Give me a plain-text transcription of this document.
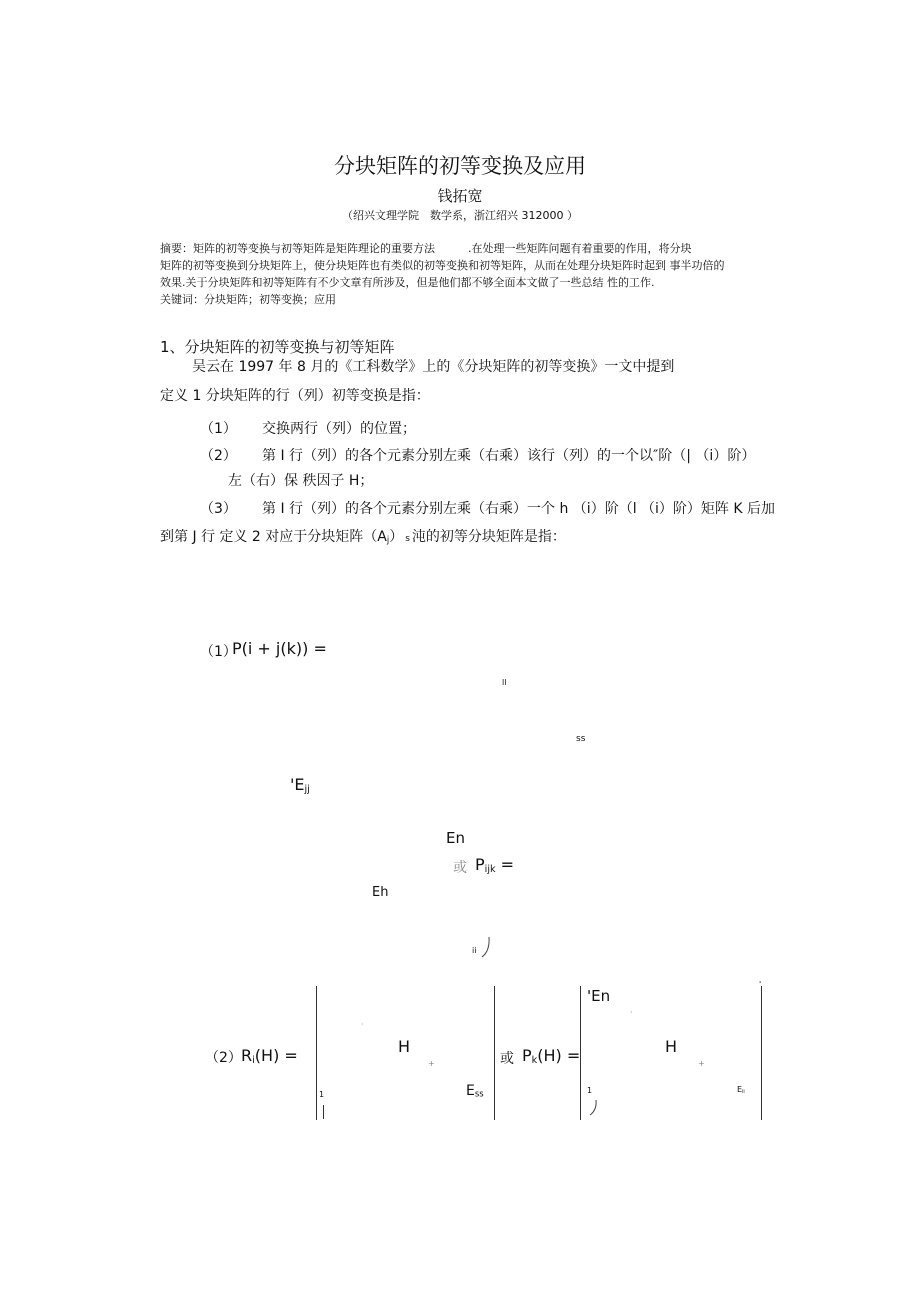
分块矩阵的初等变换及应用
钱拓宽
（绍兴文理学院　数学系，浙江绍兴 312000 ）
摘要：矩阵的初等变换与初等矩阵是矩阵理论的重要方法　　　.在处理一些矩阵问题有着重要的作用，将分块
矩阵的初等变换到分块矩阵上，使分块矩阵也有类似的初等变换和初等矩阵，从而在处理分块矩阵时起到 事半功倍的
效果.关于分块矩阵和初等矩阵有不少文章有所涉及，但是他们都不够全面本文做了一些总结 性的工作.
关键词：分块矩阵；初等变换；应用
1、分块矩阵的初等变换与初等矩阵
吴云在 1997 年 8 月的《工科数学》上的《分块矩阵的初等变换》一文中提到
定义 1 分块矩阵的行（列）初等变换是指：
（1） 交换两行（列）的位置；
（2） 第 I 行（列）的各个元素分别左乘（右乘）该行（列）的一个以″阶（| （i）阶）
左（右）保 秩因子 H；
（3） 第 I 行（列）的各个元素分别左乘（右乘）一个 h （i）阶（l （i）阶）矩阵 K 后加
到第 J 行 定义 2 对应于分块矩阵$(A_j)$ s 沌的初等分块矩阵是指：
（1）
P(i + j(k)) =
ll
ss
'$E_{jj}$
En
或 $P_{ijk}$ =
Eh
ii
（2） $R_i(H)$ =
·
H
+
1	$E_{ss}$
或 $P_k(H)$ =
'
'En
·
H
+
1	$E_{ii}$
